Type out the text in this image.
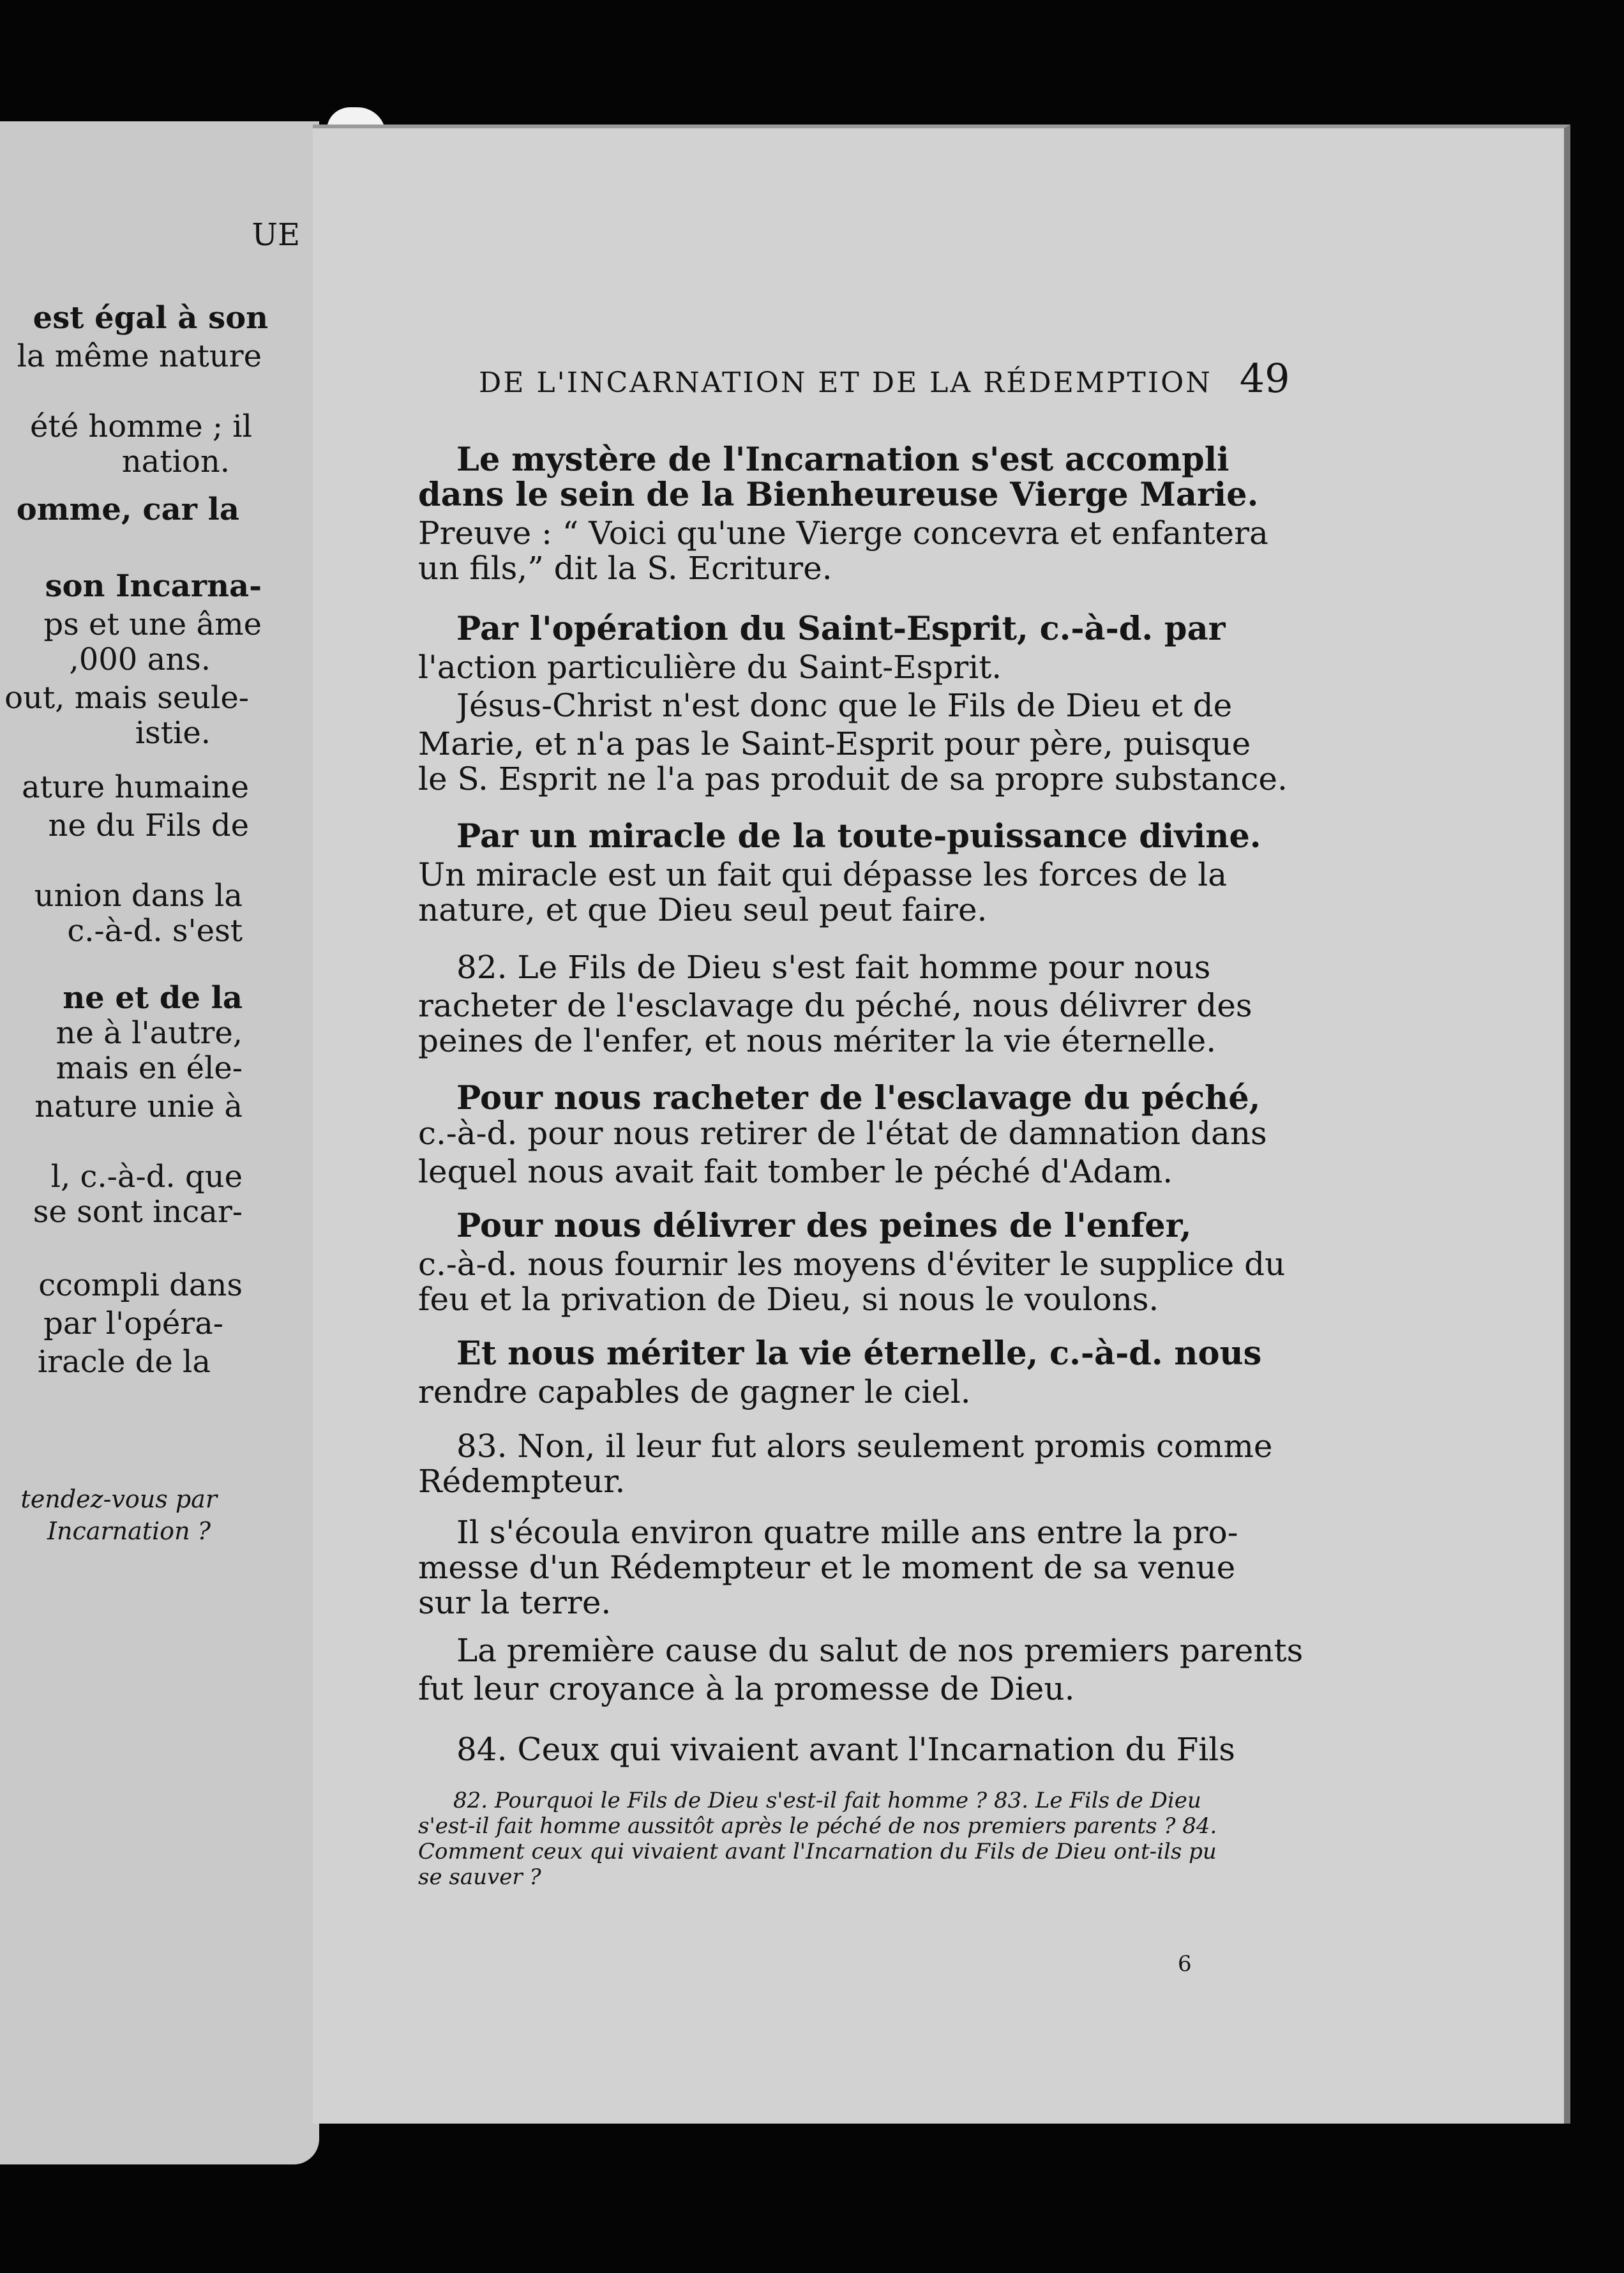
UE
est égal à son
la même nature
été homme ; il
nation.
omme, car la
son Incarna-
ps et une âme
,000 ans.
out, mais seule-
istie.
ature humaine
ne du Fils de
union dans la
c.-à-d. s'est
ne et de la
ne à l'autre,
mais en éle-
nature unie à
l, c.-à-d. que
se sont incar-
ccompli dans
par l'opéra-
iracle de la
tendez-vous par
Incarnation ?
DE L'INCARNATION ET DE LA RÉDEMPTION 49
Le mystère de l'Incarnation s'est accompli
dans le sein de la Bienheureuse Vierge Marie.
Preuve : “ Voici qu'une Vierge concevra et enfantera
un fils,” dit la S. Ecriture.
Par l'opération du Saint-Esprit, c.-à-d. par
l'action particulière du Saint-Esprit.
Jésus-Christ n'est donc que le Fils de Dieu et de
Marie, et n'a pas le Saint-Esprit pour père, puisque
le S. Esprit ne l'a pas produit de sa propre substance.
Par un miracle de la toute-puissance divine.
Un miracle est un fait qui dépasse les forces de la
nature, et que Dieu seul peut faire.
82. Le Fils de Dieu s'est fait homme pour nous
racheter de l'esclavage du péché, nous délivrer des
peines de l'enfer, et nous mériter la vie éternelle.
Pour nous racheter de l'esclavage du péché,
c.-à-d. pour nous retirer de l'état de damnation dans
lequel nous avait fait tomber le péché d'Adam.
Pour nous délivrer des peines de l'enfer,
c.-à-d. nous fournir les moyens d'éviter le supplice du
feu et la privation de Dieu, si nous le voulons.
Et nous mériter la vie éternelle, c.-à-d. nous
rendre capables de gagner le ciel.
83. Non, il leur fut alors seulement promis comme
Rédempteur.
Il s'écoula environ quatre mille ans entre la pro-
messe d'un Rédempteur et le moment de sa venue
sur la terre.
La première cause du salut de nos premiers parents
fut leur croyance à la promesse de Dieu.
84. Ceux qui vivaient avant l'Incarnation du Fils
82. Pourquoi le Fils de Dieu s'est-il fait homme ? 83. Le Fils de Dieu
s'est-il fait homme aussitôt après le péché de nos premiers parents ? 84.
Comment ceux qui vivaient avant l'Incarnation du Fils de Dieu ont-ils pu
se sauver ?
6
